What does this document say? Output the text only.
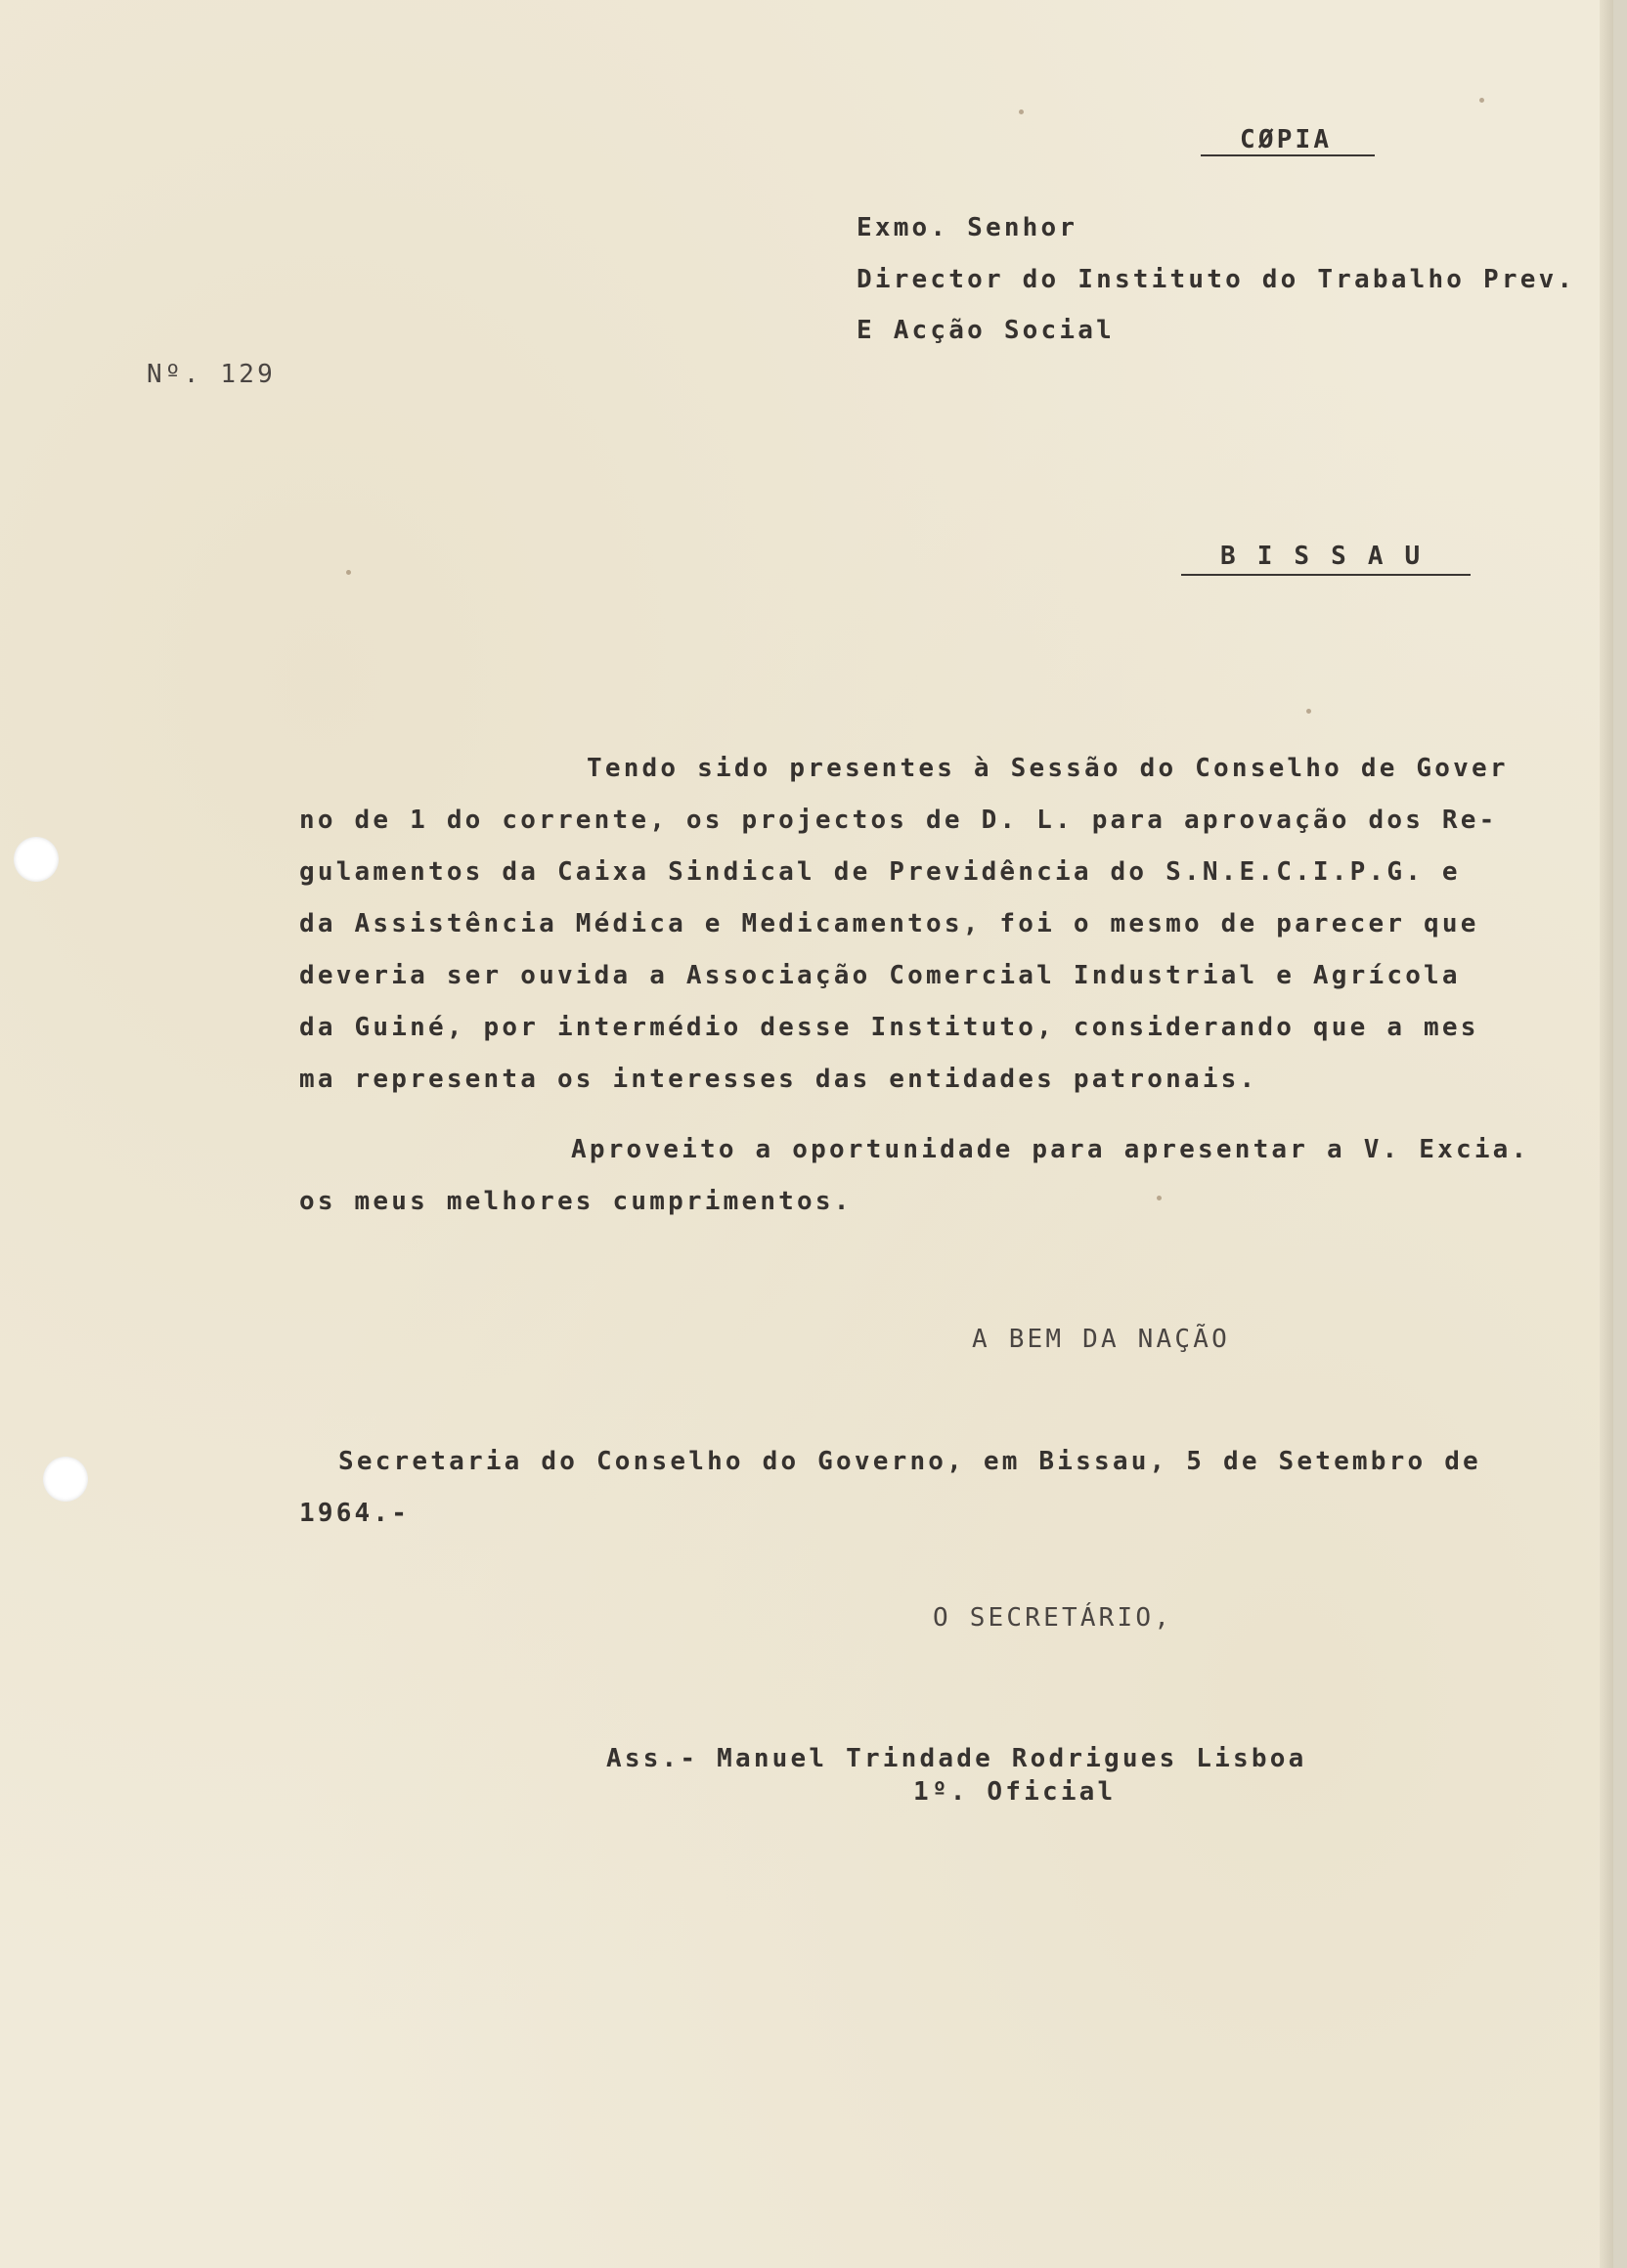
CØPIA
Exmo. Senhor
Director do Instituto do Trabalho Prev.
E Acção Social
Nº. 129
B I S S A U
Tendo sido presentes à Sessão do Conselho de Gover
no de 1 do corrente, os projectos de D. L. para aprovação dos Re-
gulamentos da Caixa Sindical de Previdência do S.N.E.C.I.P.G. e
da Assistência Médica e Medicamentos, foi o mesmo de parecer que
deveria ser ouvida a Associação Comercial Industrial e Agrícola
da Guiné, por intermédio desse Instituto, considerando que a mes
ma representa os interesses das entidades patronais.
Aproveito a oportunidade para apresentar a V. Excia.
os meus melhores cumprimentos.
A BEM DA NAÇÃO
Secretaria do Conselho do Governo, em Bissau, 5 de Setembro de
1964.-
O SECRETÁRIO,
Ass.- Manuel Trindade Rodrigues Lisboa
1º. Oficial
